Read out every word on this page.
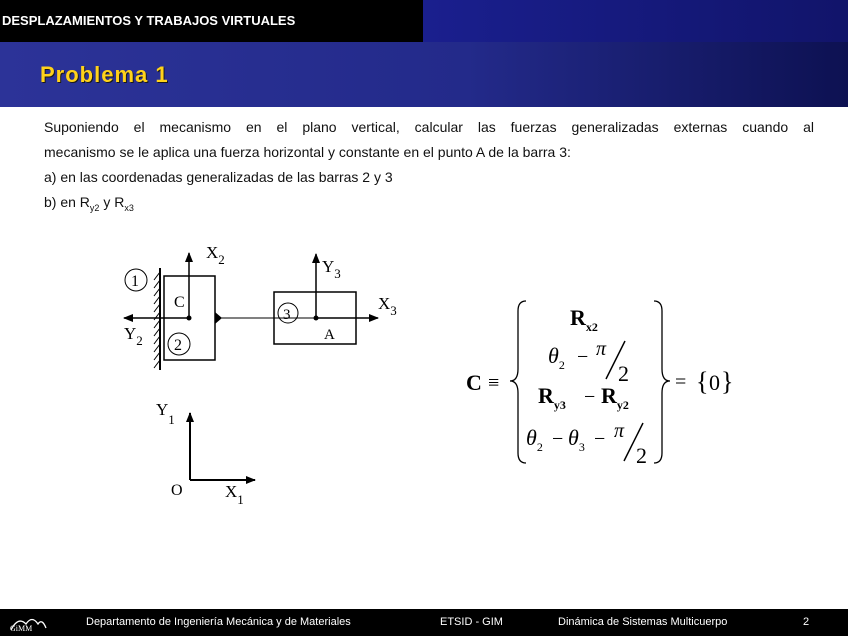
DESPLAZAMIENTOS Y TRABAJOS VIRTUALES
Problema 1

Suponiendo el mecanismo en el plano vertical, calcular las fuerzas generalizadas externas cuando al

mecanismo se le aplica una fuerza horizontal y constante en el punto A de la barra 3:

a) en las coordenadas generalizadas de las barras 2 y 3

b) en $R_{y2}$ y $R_{x3}$

1
2
3
$X_2$
$Y_2$
C
$Y_3$
$X_3$
A
$Y_1$
O $X_1$
C ≡
$R_{x2}$
$\theta_2 - \pi$
2
$R_{y3} - R_{y2}$
$\theta_2 - \theta_3 - \pi$
2
= { 0 }
GiMM
Departamento de Ingeniería Mecánica y de Materiales	ETSID - GIM	Dinámica de Sistemas Multicuerpo	2
